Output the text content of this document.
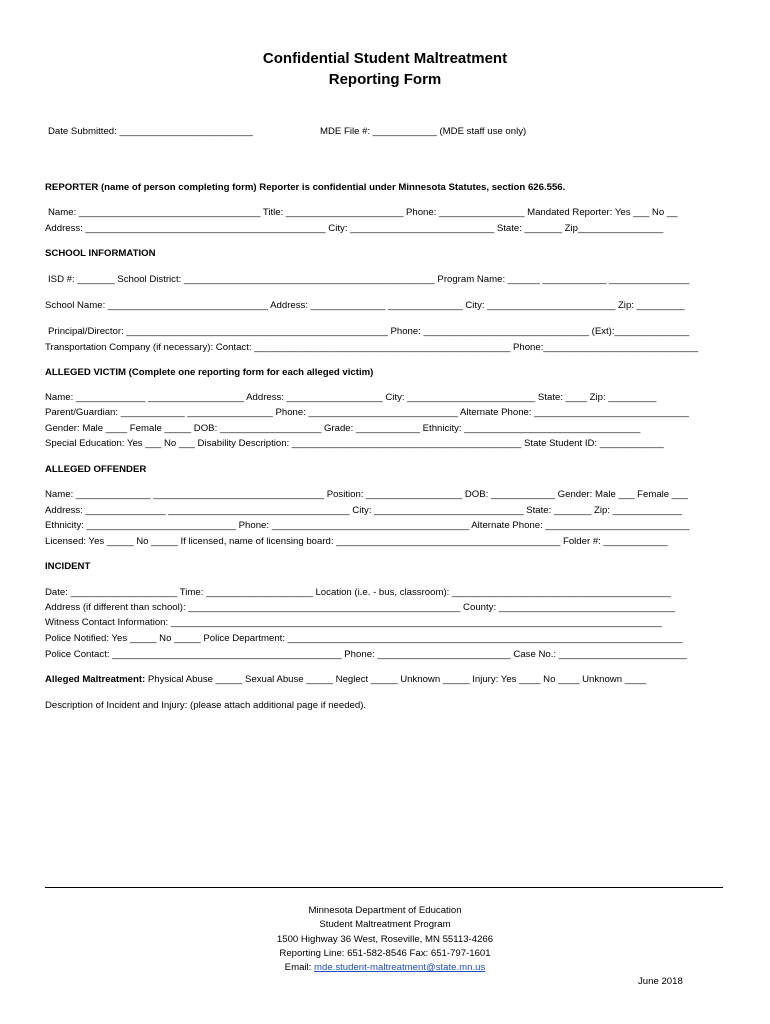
Confidential Student Maltreatment
Reporting Form
Date Submitted: _________________________	MDE File #: ____________ (MDE staff use only)
REPORTER (name of person completing form) Reporter is confidential under Minnesota Statutes, section 626.556.
Name: __________________________________ Title: ______________________ Phone: ________________ Mandated Reporter: Yes ___ No __
Address: _____________________________________________ City: ___________________________ State: _______ Zip________________
SCHOOL INFORMATION
ISD #: _______ School District: _______________________________________________ Program Name: ______ ____________ _______________
School Name: ______________________________ Address: ______________ ______________ City: ________________________ Zip: _________
Principal/Director: _________________________________________________ Phone: _______________________________ (Ext):______________
Transportation Company (if necessary): Contact: ________________________________________________ Phone:_____________________________
ALLEGED VICTIM (Complete one reporting form for each alleged victim)
Name: _____________ __________________ Address: __________________ City: ________________________ State: ____ Zip: _________
Parent/Guardian: ____________ ________________ Phone: ____________________________ Alternate Phone: _____________________________
Gender: Male ____ Female _____ DOB: ___________________ Grade: ____________ Ethnicity: _________________________________
Special Education: Yes ___ No ___ Disability Description: ___________________________________________ State Student ID: ____________
ALLEGED OFFENDER
Name: ______________ ________________________________ Position: __________________ DOB: ____________ Gender: Male ___ Female ___
Address: _______________ __________________________________ City: ____________________________ State: _______ Zip: _____________
Ethnicity: ____________________________ Phone: _____________________________________ Alternate Phone: ___________________________
Licensed: Yes _____ No _____ If licensed, name of licensing board: __________________________________________ Folder #: ____________
INCIDENT
Date: ____________________ Time: ____________________ Location (i.e. - bus, classroom): _________________________________________
Address (if different than school): ___________________________________________________ County: _________________________________
Witness Contact Information: ____________________________________________________________________________________________
Police Notified: Yes _____ No _____ Police Department: __________________________________________________________________________
Police Contact: ___________________________________________ Phone: _________________________ Case No.: ________________________
Alleged Maltreatment: Physical Abuse _____ Sexual Abuse _____ Neglect _____ Unknown _____ Injury: Yes ____ No ____ Unknown ____
Description of Incident and Injury: (please attach additional page if needed).
Minnesota Department of Education
Student Maltreatment Program
1500 Highway 36 West, Roseville, MN 55113-4266
Reporting Line: 651-582-8546 Fax: 651-797-1601
Email: mde.student-maltreatment@state.mn.us
June 2018
